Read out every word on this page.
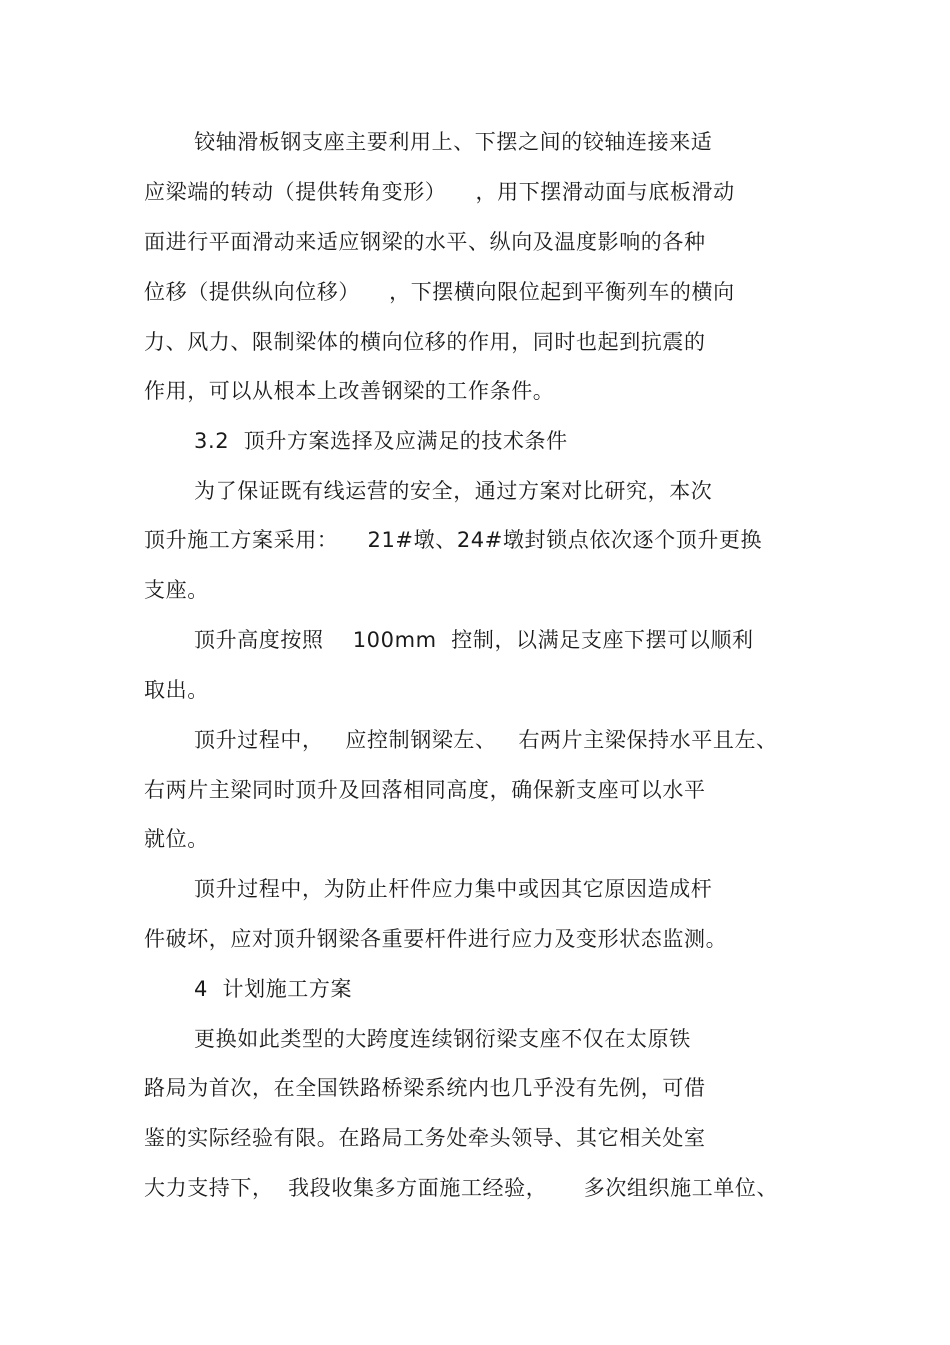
铰轴滑板钢支座主要利用上、下摆之间的铰轴连接来适
应梁端的转动（提供转角变形）    ，用下摆滑动面与底板滑动
面进行平面滑动来适应钢梁的水平、纵向及温度影响的各种
位移（提供纵向位移）    ，下摆横向限位起到平衡列车的横向
力、风力、限制梁体的横向位移的作用，同时也起到抗震的
作用，可以从根本上改善钢梁的工作条件。
3.2  顶升方案选择及应满足的技术条件
为了保证既有线运营的安全，通过方案对比研究，本次
顶升施工方案采用：    21#墩、24#墩封锁点依次逐个顶升更换
支座。
顶升高度按照    100mm  控制，以满足支座下摆可以顺利
取出。
顶升过程中，   应控制钢梁左、   右两片主梁保持水平且左、
右两片主梁同时顶升及回落相同高度，确保新支座可以水平
就位。
顶升过程中，为防止杆件应力集中或因其它原因造成杆
件破坏，应对顶升钢梁各重要杆件进行应力及变形状态监测。
4  计划施工方案
更换如此类型的大跨度连续钢衍梁支座不仅在太原铁
路局为首次，在全国铁路桥梁系统内也几乎没有先例，可借
鉴的实际经验有限。在路局工务处牵头领导、其它相关处室
大力支持下，  我段收集多方面施工经验，     多次组织施工单位、
